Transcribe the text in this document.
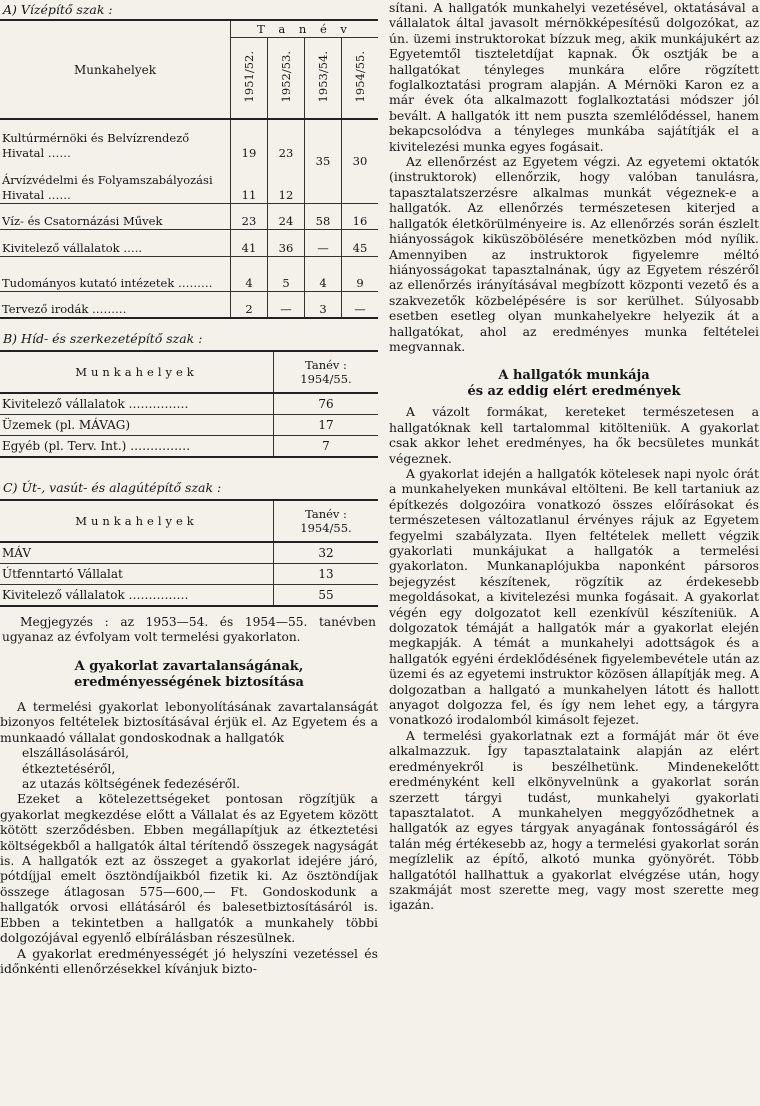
A) Vízépítő szak :
Munkahelyek	T a n é v			
	1951/52.	1952/53.	1953/54.	1954/55.
Kultúrmérnöki és Belvízrendező Hivatal ……	19	23	35	30
Árvízvédelmi és Folyamszabályozási Hivatal ……	11	12		
Víz- és Csatornázási Művek	23	24	58	16
Kivitelező vállalatok …..	41	36	—	45
Tudományos kutató intézetek ………	4	5	4	9
Tervező irodák ………	2	—	3	—
B) Híd- és szerkezetépítő szak :
Munkahelyek	Tanév :
1954/55.

Kivitelező vállalatok ……………	76
Üzemek (pl. MÁVAG)	17
Egyéb (pl. Terv. Int.) ……………	7
C) Út-, vasút- és alagútépítő szak :
Munkahelyek	Tanév :
1954/55.

MÁV	32
Útfenntartó Vállalat	13
Kivitelező vállalatok ……………	55

Megjegyzés : az 1953—54. és 1954—55. tanévben ugyanaz az évfolyam volt termelési gyakorlaton.

A gyakorlat zavartalanságának,
eredményességének biztosítása

A termelési gyakorlat lebonyolításának zavartalanságát bizonyos feltételek biztosításával érjük el. Az Egyetem és a munkaadó vállalat gondoskodnak a hallgatók

elszállásolásáról,
étkeztetéséről,
az utazás költségének fedezéséről.

Ezeket a kötelezettségeket pontosan rögzítjük a gyakorlat megkezdése előtt a Vállalat és az Egyetem között kötött szerződésben. Ebben megállapítjuk az étkeztetési költségekből a hallgatók által térítendő összegek nagyságát is. A hallgatók ezt az összeget a gyakorlat idejére járó, pótdíjjal emelt ösztöndíjaikból fizetik ki. Az ösztöndíjak összege átlagosan 575—600,— Ft. Gondoskodunk a hallgatók orvosi ellátásáról és balesetbiztosításáról is. Ebben a tekintetben a hallgatók a munkahely többi dolgozójával egyenlő elbírálásban részesülnek.

A gyakorlat eredményességét jó helyszíni vezetéssel és időnkénti ellenőrzésekkel kívánjuk bizto-

sítani. A hallgatók munkahelyi vezetésével, oktatásával a vállalatok által javasolt mérnökképesítésű dolgozókat, az ún. üzemi instruktorokat bízzuk meg, akik munkájukért az Egyetemtől tiszteletdíjat kapnak. Ők osztják be a hallgatókat tényleges munkára előre rögzített foglalkoztatási program alapján. A Mérnöki Karon ez a már évek óta alkalmazott foglalkoztatási módszer jól bevált. A hallgatók itt nem puszta szemlélődéssel, hanem bekapcsolódva a tényleges munkába sajátítják el a kivitelezési munka egyes fogásait.

Az ellenőrzést az Egyetem végzi. Az egyetemi oktatók (instruktorok) ellenőrzik, hogy valóban tanulásra, tapasztalatszerzésre alkalmas munkát végeznek-e a hallgatók. Az ellenőrzés természetesen kiterjed a hallgatók életkörülményeire is. Az ellenőrzés során észlelt hiányosságok kiküszöbölésére menetközben mód nyílik. Amennyiben az instruktorok figyelemre méltó hiányosságokat tapasztalnának, úgy az Egyetem részéről az ellenőrzés irányításával megbízott központi vezető és a szakvezetők közbelépésére is sor kerülhet. Súlyosabb esetben esetleg olyan munkahelyekre helyezik át a hallgatókat, ahol az eredményes munka feltételei megvannak.

A hallgatók munkája
és az eddig elért eredmények

A vázolt formákat, kereteket természetesen a hallgatóknak kell tartalommal kitölteniük. A gyakorlat csak akkor lehet eredményes, ha ők becsületes munkát végeznek.

A gyakorlat idején a hallgatók kötelesek napi nyolc órát a munkahelyeken munkával eltölteni. Be kell tartaniuk az építkezés dolgozóira vonatkozó összes előírásokat és természetesen változatlanul érvényes rájuk az Egyetem fegyelmi szabályzata. Ilyen feltételek mellett végzik gyakorlati munkájukat a hallgatók a termelési gyakorlaton. Munkanaplójukba naponként pársoros bejegyzést készítenek, rögzítik az érdekesebb megoldásokat, a kivitelezési munka fogásait. A gyakorlat végén egy dolgozatot kell ezenkívül készíteniük. A dolgozatok témáját a hallgatók már a gyakorlat elején megkapják. A témát a munkahelyi adottságok és a hallgatók egyéni érdeklődésének figyelembevétele után az üzemi és az egyetemi instruktor közösen állapítják meg. A dolgozatban a hallgató a munkahelyen látott és hallott anyagot dolgozza fel, és így nem lehet egy, a tárgyra vonatkozó irodalomból kimásolt fejezet.

A termelési gyakorlatnak ezt a formáját már öt éve alkalmazzuk. Így tapasztalataink alapján az elért eredményekről is beszélhetünk. Mindenekelőtt eredményként kell elkönyvelnünk a gyakorlat során szerzett tárgyi tudást, munkahelyi gyakorlati tapasztalatot. A munkahelyen meggyőződhetnek a hallgatók az egyes tárgyak anyagának fontosságáról és talán még értékesebb az, hogy a termelési gyakorlat során megízlelik az építő, alkotó munka gyönyörét. Több hallgatótól hallhattuk a gyakorlat elvégzése után, hogy szakmáját most szerette meg, vagy most szerette meg igazán.
